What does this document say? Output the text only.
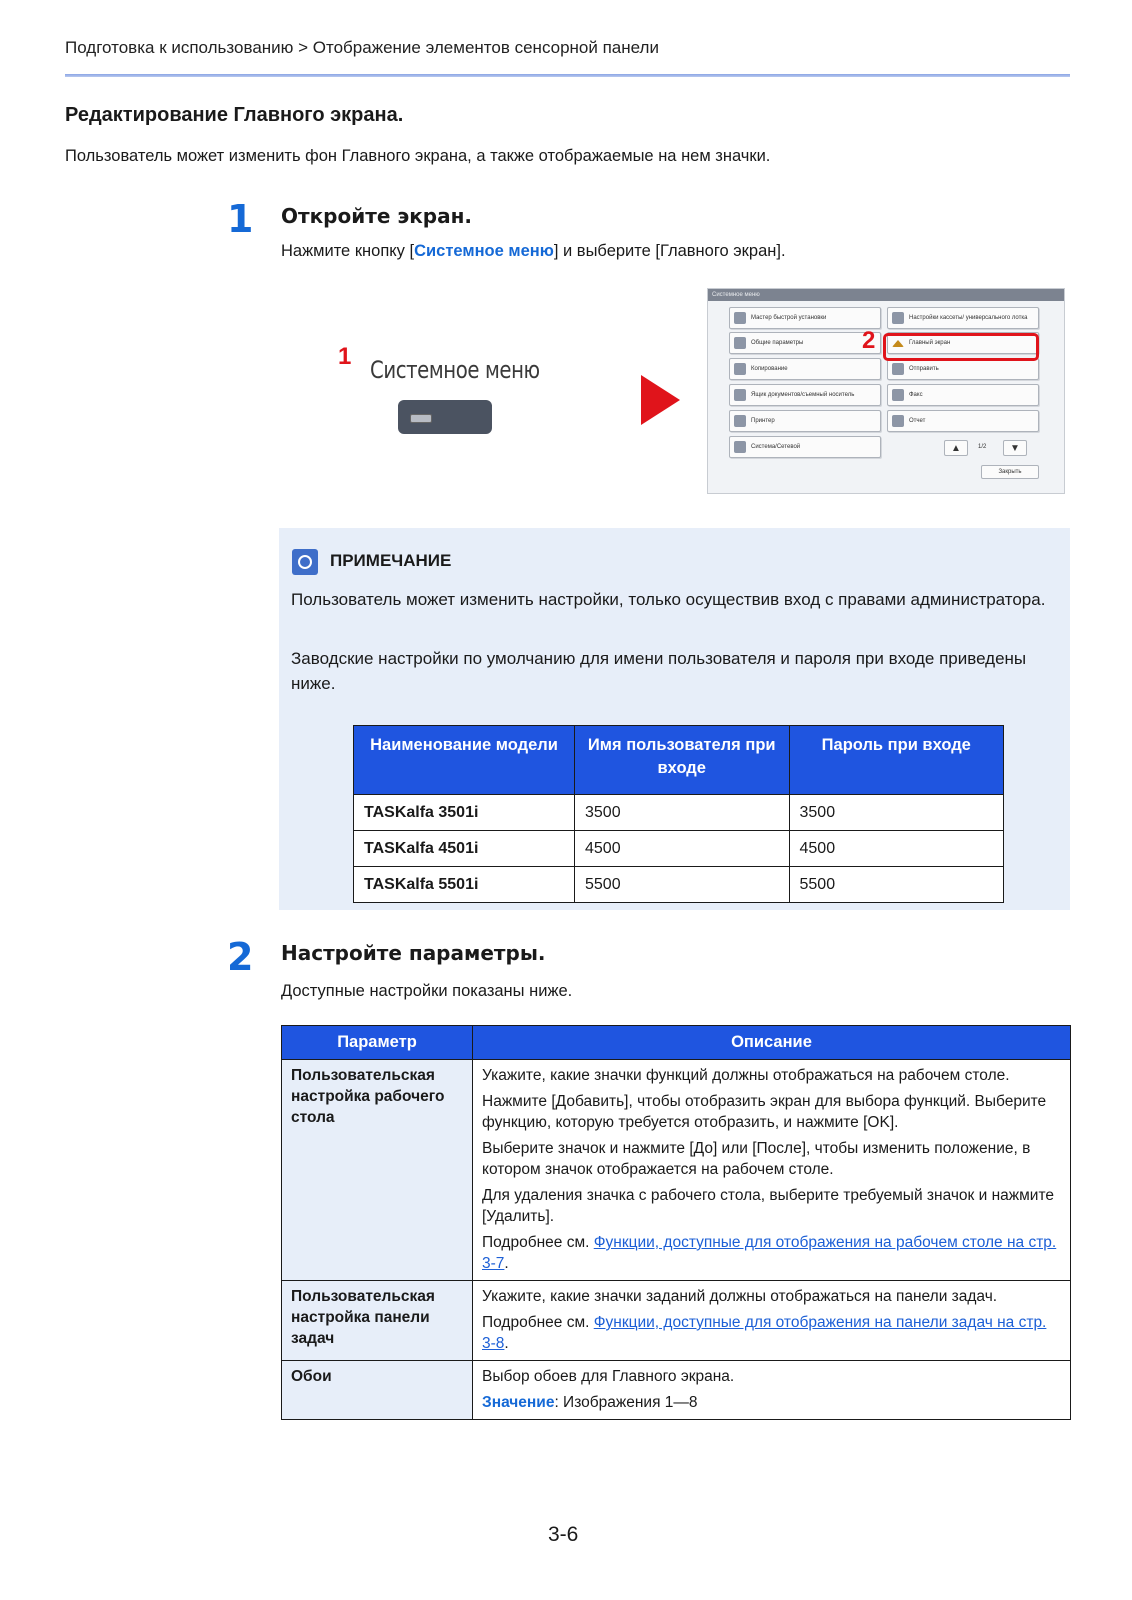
Подготовка к использованию > Отображение элементов сенсорной панели
Редактирование Главного экрана.
Пользователь может изменить фон Главного экрана, а также отображаемые на нем значки.
1 Откройте экран.
Нажмите кнопку [Системное меню] и выберите [Главного экран].
1 Системное меню
Системное меню
Мастер быстрой установки
Общие параметры
Копирование
Ящик документов/съемный носитель
Принтер
Система/Сетевой
Настройки кассеты/ универсального лотка
Главный экран
Отправить
Факс
Отчет
▲	1/2	▼
Закрыть
2
ПРИМЕЧАНИЕ
Пользователь может изменить настройки, только осуществив вход с правами администратора.
Заводские настройки по умолчанию для имени пользователя и пароля при входе приведены ниже.
Наименование модели	Имя пользователя при входе	Пароль при входе
TASKalfa 3501i	3500	3500
TASKalfa 4501i	4500	4500
TASKalfa 5501i	5500	5500
2 Настройте параметры.
Доступные настройки показаны ниже.
Параметр	Описание
Пользовательская настройка рабочего стола	Укажите, какие значки функций должны отображаться на рабочем столе.

Нажмите [Добавить], чтобы отобразить экран для выбора функций. Выберите функцию, которую требуется отобразить, и нажмите [OK].

Выберите значок и нажмите [До] или [После], чтобы изменить положение, в котором значок отображается на рабочем столе.

Для удаления значка с рабочего стола, выберите требуемый значок и нажмите [Удалить].

Подробнее см. Функции, доступные для отображения на рабочем столе на стр. 3-7.

Пользовательская настройка панели задач	Укажите, какие значки заданий должны отображаться на панели задач.

Подробнее см. Функции, доступные для отображения на панели задач на стр. 3-8.

Обои	Выбор обоев для Главного экрана.

Значение: Изображения 1—8

3-6
